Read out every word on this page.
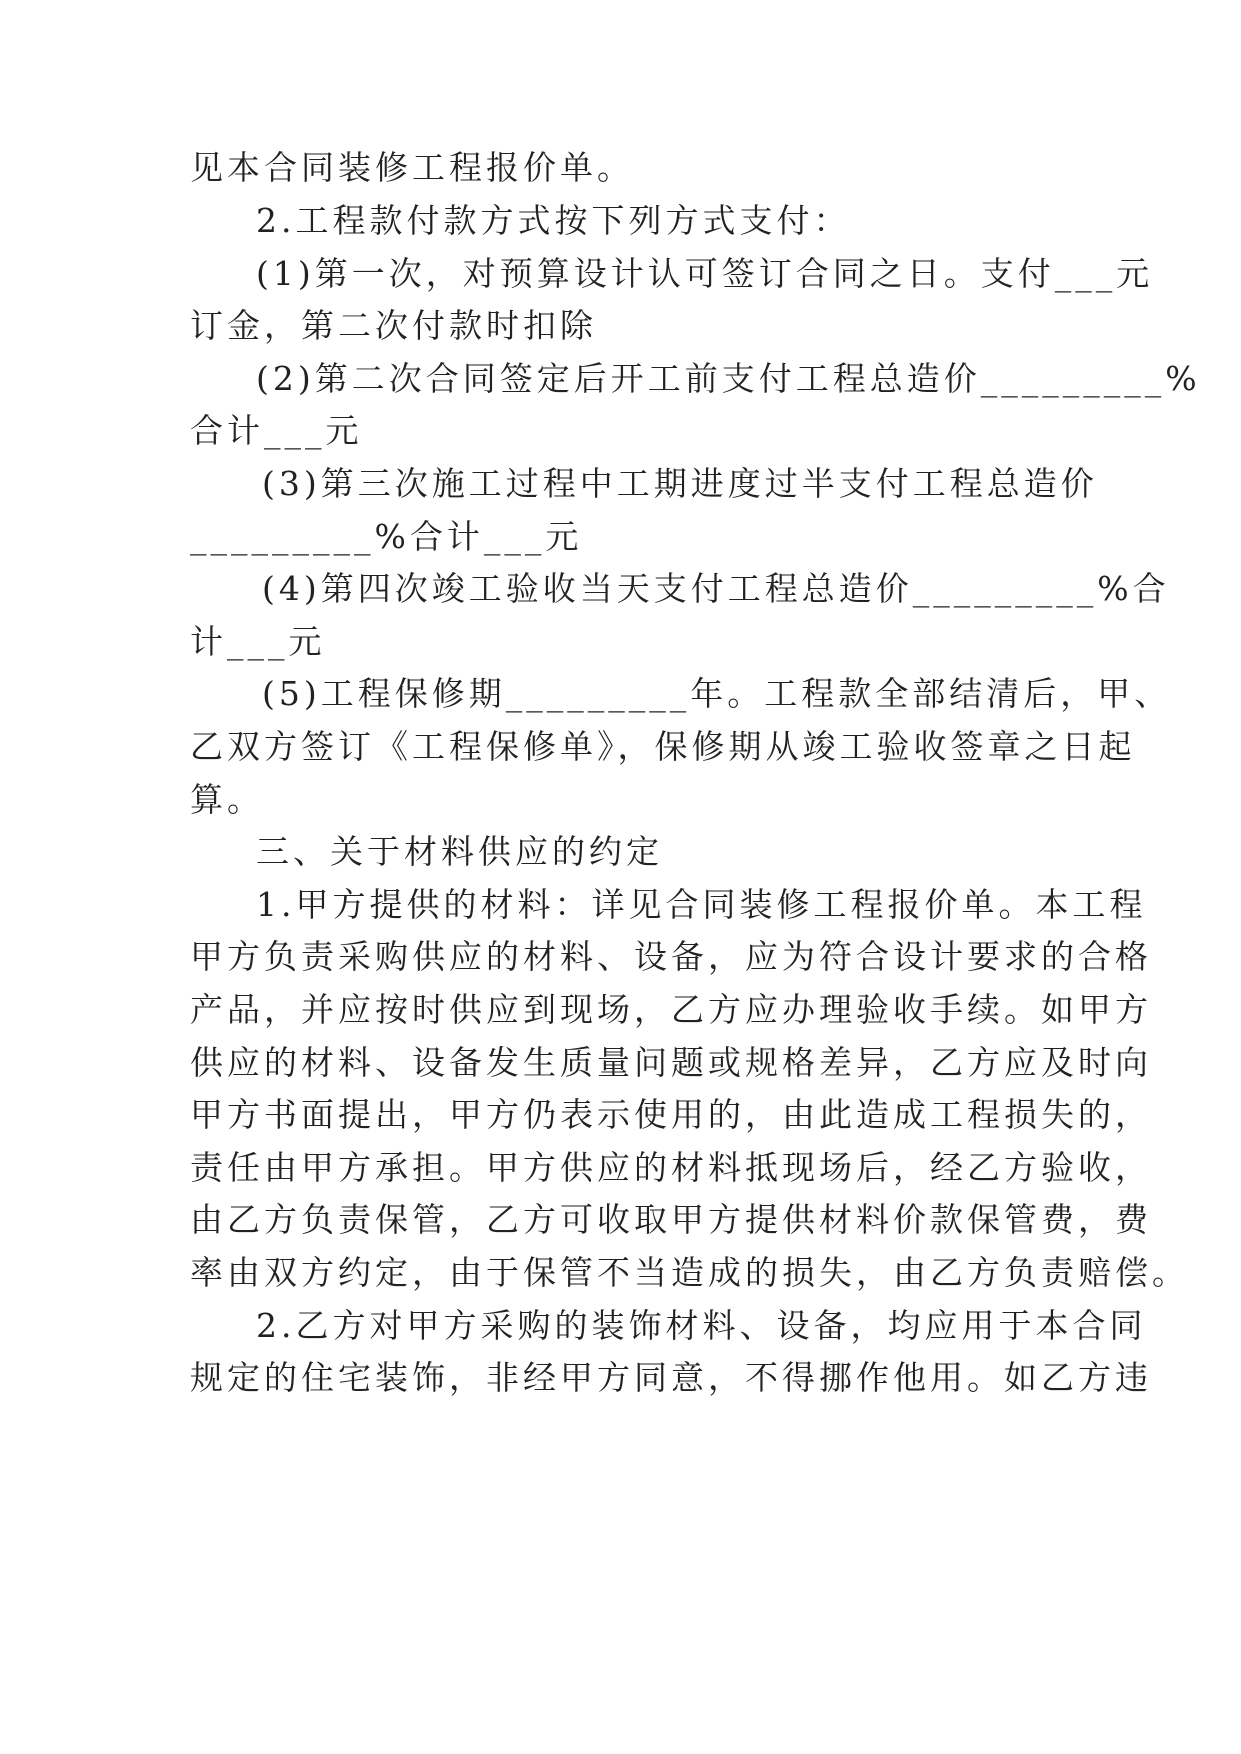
见本合同装修工程报价单。
2.工程款付款方式按下列方式支付：
(1)第一次，对预算设计认可签订合同之日。支付___元
订金，第二次付款时扣除
(2)第二次合同签定后开工前支付工程总造价_________%
合计___元
(3)第三次施工过程中工期进度过半支付工程总造价
_________%合计___元
(4)第四次竣工验收当天支付工程总造价_________%合
计___元
(5)工程保修期_________年。工程款全部结清后，甲、
乙双方签订《工程保修单》，保修期从竣工验收签章之日起
算。
三、关于材料供应的约定
1.甲方提供的材料：详见合同装修工程报价单。本工程
甲方负责采购供应的材料、设备，应为符合设计要求的合格
产品，并应按时供应到现场，乙方应办理验收手续。如甲方
供应的材料、设备发生质量问题或规格差异，乙方应及时向
甲方书面提出，甲方仍表示使用的，由此造成工程损失的，
责任由甲方承担。甲方供应的材料抵现场后，经乙方验收，
由乙方负责保管，乙方可收取甲方提供材料价款保管费，费
率由双方约定，由于保管不当造成的损失，由乙方负责赔偿。
2.乙方对甲方采购的装饰材料、设备，均应用于本合同
规定的住宅装饰，非经甲方同意，不得挪作他用。如乙方违
